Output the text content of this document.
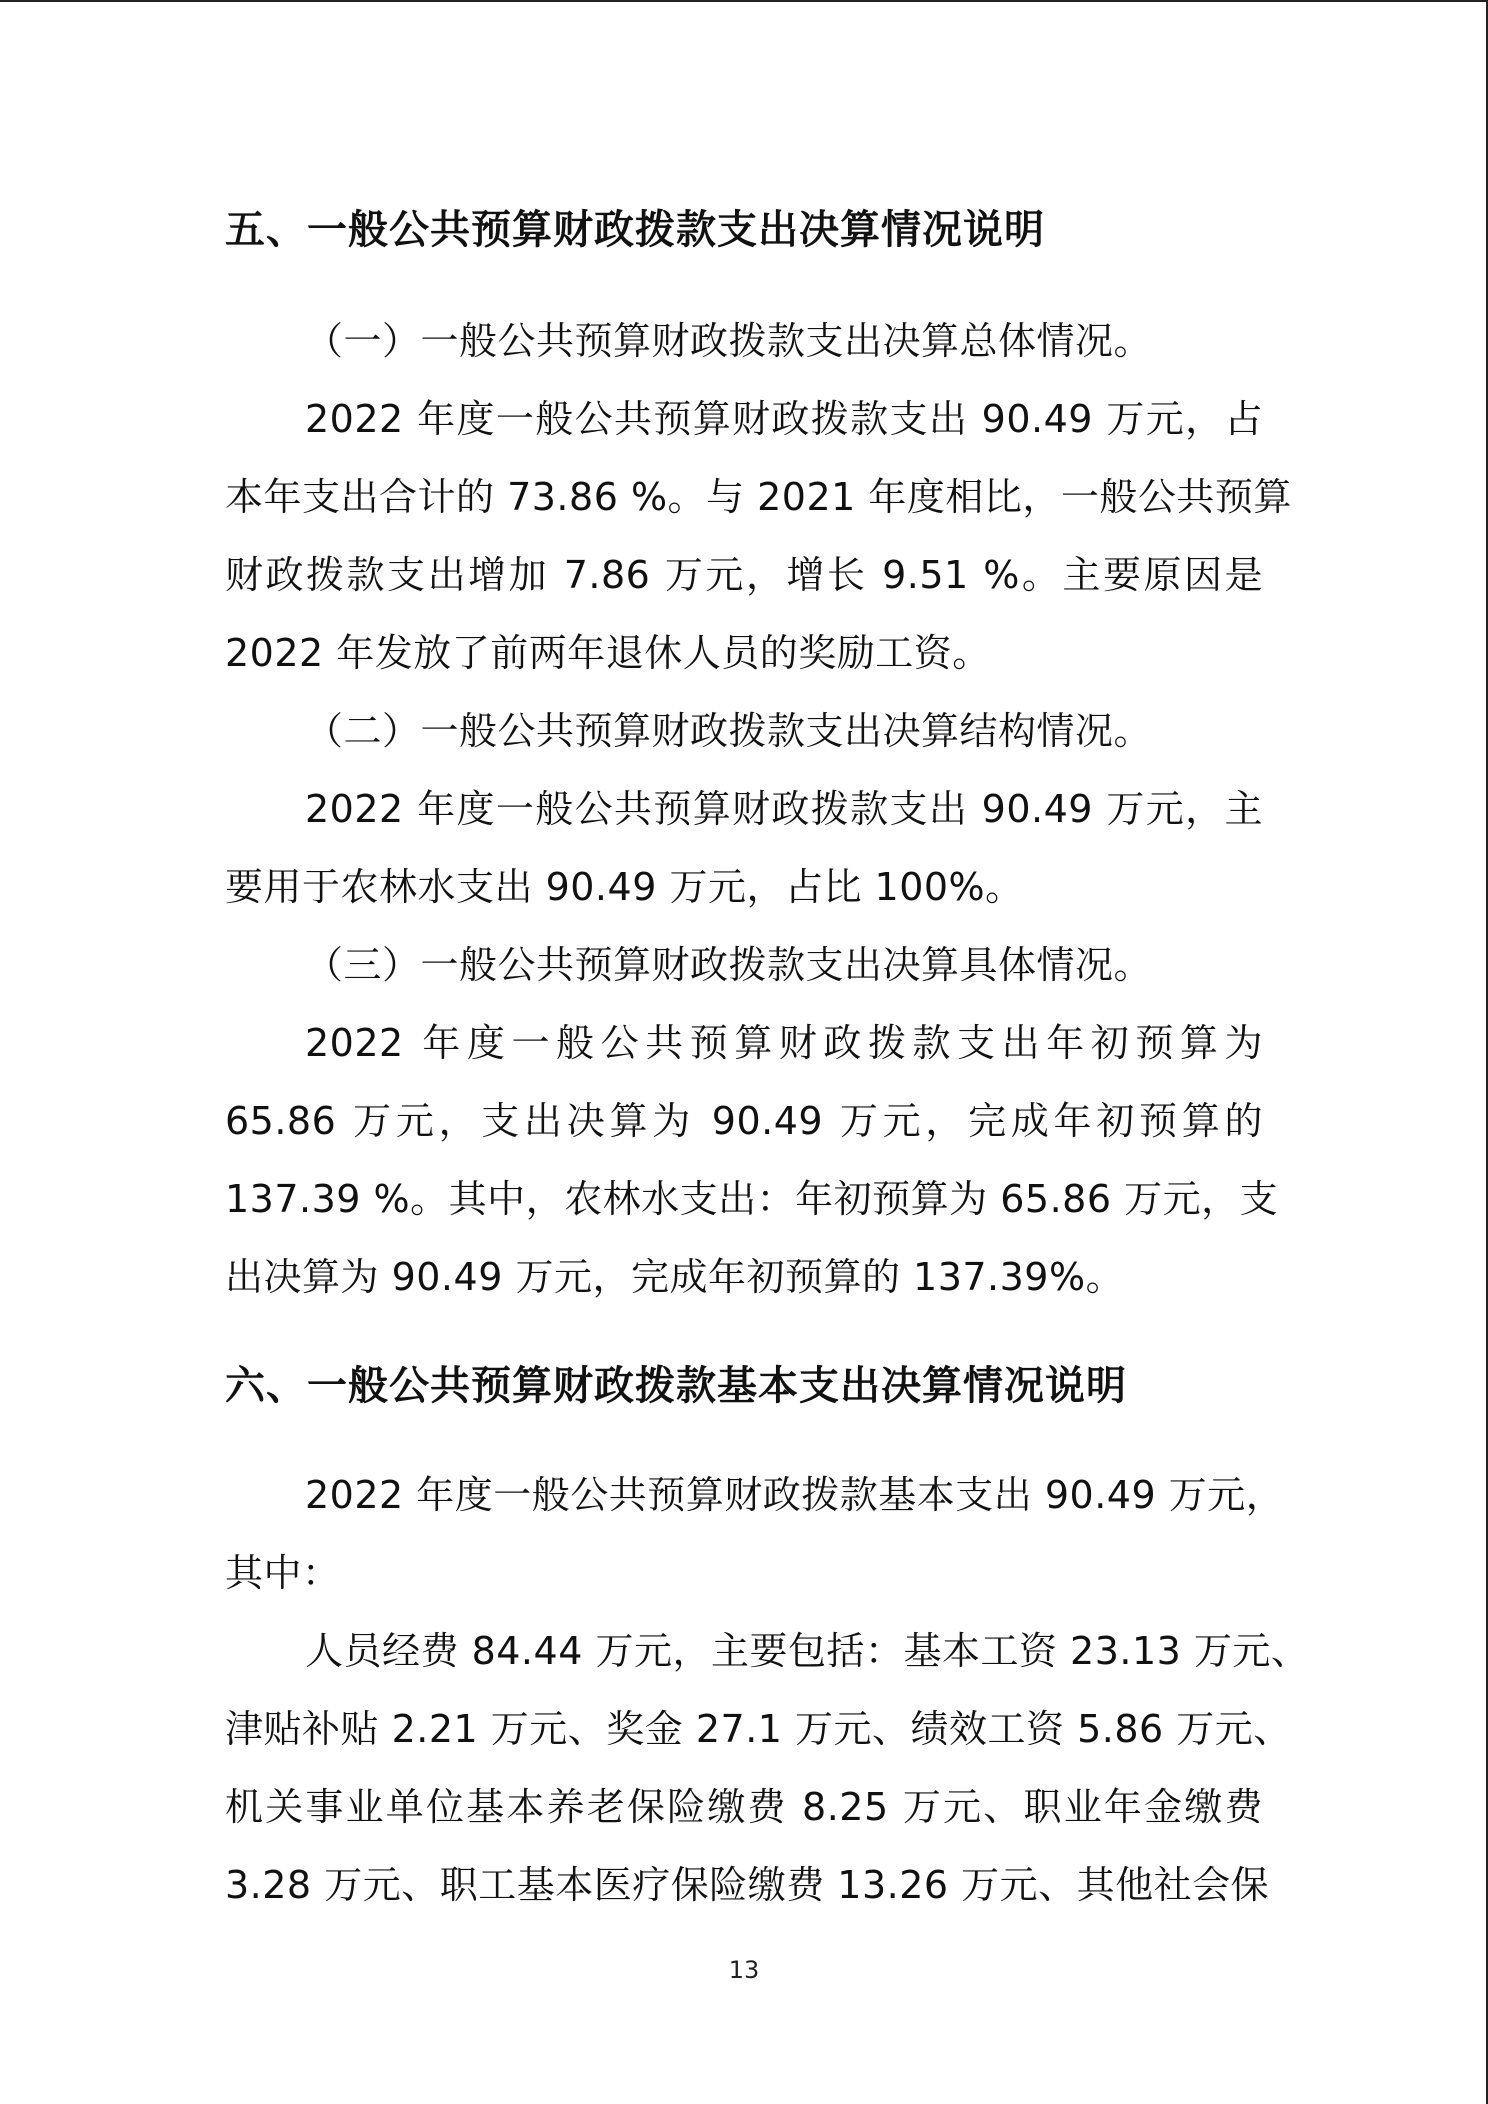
五、一般公共预算财政拨款支出决算情况说明
（一）一般公共预算财政拨款支出决算总体情况。
2022 年度一般公共预算财政拨款支出 90.49 万元，占
本年支出合计的 73.86 %。与 2021 年度相比，一般公共预算
财政拨款支出增加 7.86 万元，增长 9.51 %。主要原因是
2022 年发放了前两年退休人员的奖励工资。
（二）一般公共预算财政拨款支出决算结构情况。
2022 年度一般公共预算财政拨款支出 90.49 万元，主
要用于农林水支出 90.49 万元，占比 100%。
（三）一般公共预算财政拨款支出决算具体情况。
2022 年度一般公共预算财政拨款支出年初预算为
65.86 万元，支出决算为 90.49 万元，完成年初预算的
137.39 %。其中，农林水支出：年初预算为 65.86 万元，支
出决算为 90.49 万元，完成年初预算的 137.39%。
六、一般公共预算财政拨款基本支出决算情况说明
2022 年度一般公共预算财政拨款基本支出 90.49 万元，
其中：
人员经费 84.44 万元，主要包括：基本工资 23.13 万元、
津贴补贴 2.21 万元、奖金 27.1 万元、绩效工资 5.86 万元、
机关事业单位基本养老保险缴费 8.25 万元、职业年金缴费
3.28 万元、职工基本医疗保险缴费 13.26 万元、其他社会保
13
